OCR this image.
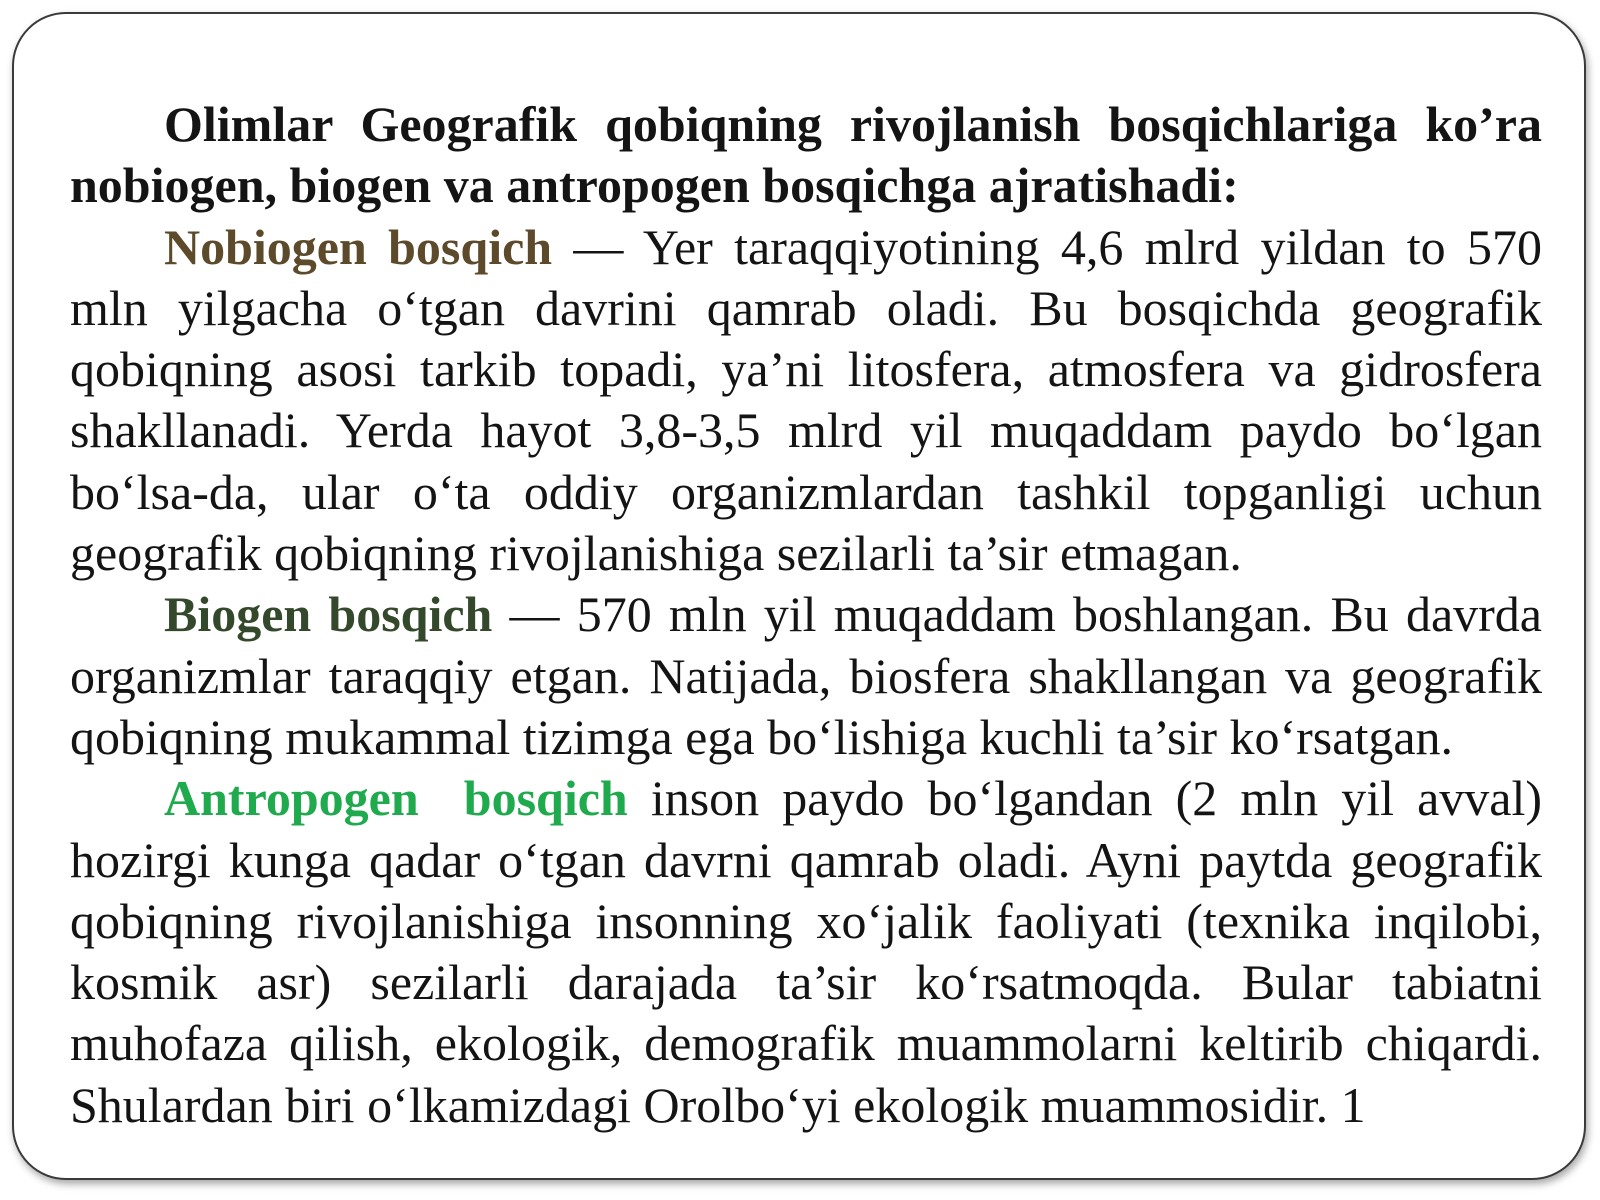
Olimlar Geografik qobiqning rivojlanish bosqichlariga ko’ra nobiogen, biogen va antropogen bosqichga ajratishadi:

Nobiogen bosqich — Yer taraqqiyotining 4,6 mlrd yildan to 570 mln yilgacha o‘tgan davrini qamrab oladi. Bu bosqichda geografik qobiqning asosi tarkib topadi, ya’ni litosfera, atmosfera va gidrosfera shakllanadi. Yerda hayot 3,8-3,5 mlrd yil muqaddam paydo bo‘lgan bo‘lsa-da, ular o‘ta oddiy organizmlardan tashkil topganligi uchun geografik qobiqning rivojlanishiga sezilarli ta’sir etmagan.

Biogen bosqich — 570 mln yil muqaddam boshlangan. Bu davrda organizmlar taraqqiy etgan. Natijada, biosfera shakllangan va geografik qobiqning mukammal tizimga ega bo‘lishiga kuchli ta’sir ko‘rsatgan.

Antropogen bosqich inson paydo bo‘lgandan (2 mln yil avval) hozirgi kunga qadar o‘tgan davrni qamrab oladi. Ayni paytda geografik qobiqning rivojlanishiga insonning xo‘jalik faoliyati (texnika inqilobi, kosmik asr) sezilarli darajada ta’sir ko‘rsatmoqda. Bular tabiatni muhofaza qilish, ekologik, demografik muammolarni keltirib chiqardi. Shulardan biri o‘lkamizdagi Orolbo‘yi ekologik muammosidir. 1
